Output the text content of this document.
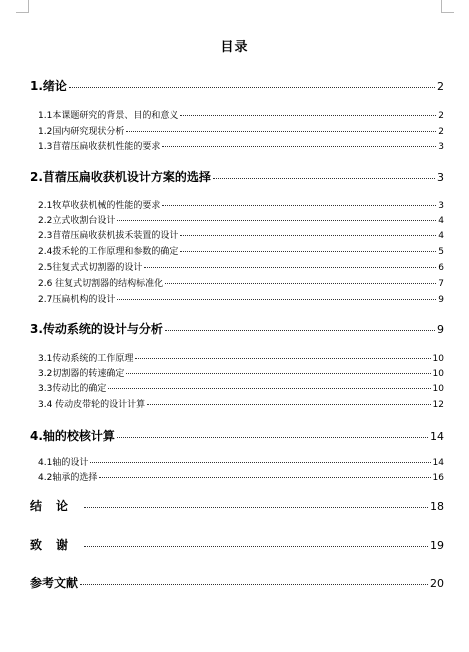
目录
1.绪论	2
1.1本课题研究的背景、目的和意义	2
1.2国内研究现状分析	2
1.3苜蓿压扁收获机性能的要求	3
2.苜蓿压扁收获机设计方案的选择	3
2.1牧草收获机械的性能的要求	3
2.2立式收割台设计	4
2.3苜蓿压扁收获机拔禾装置的设计	4
2.4拨禾轮的工作原理和参数的确定	5
2.5往复式式切割器的设计	6
2.6 往复式切割器的结构标准化	7
2.7压扁机构的设计	9
3.传动系统的设计与分析	9
3.1传动系统的工作原理	10
3.2切割器的转速确定	10
3.3传动比的确定	10
3.4 传动皮带轮的设计计算	12
4.轴的校核计算	14
4.1轴的设计	14
4.2轴承的选择	16
结论	18
致谢	19
参考文献	20
